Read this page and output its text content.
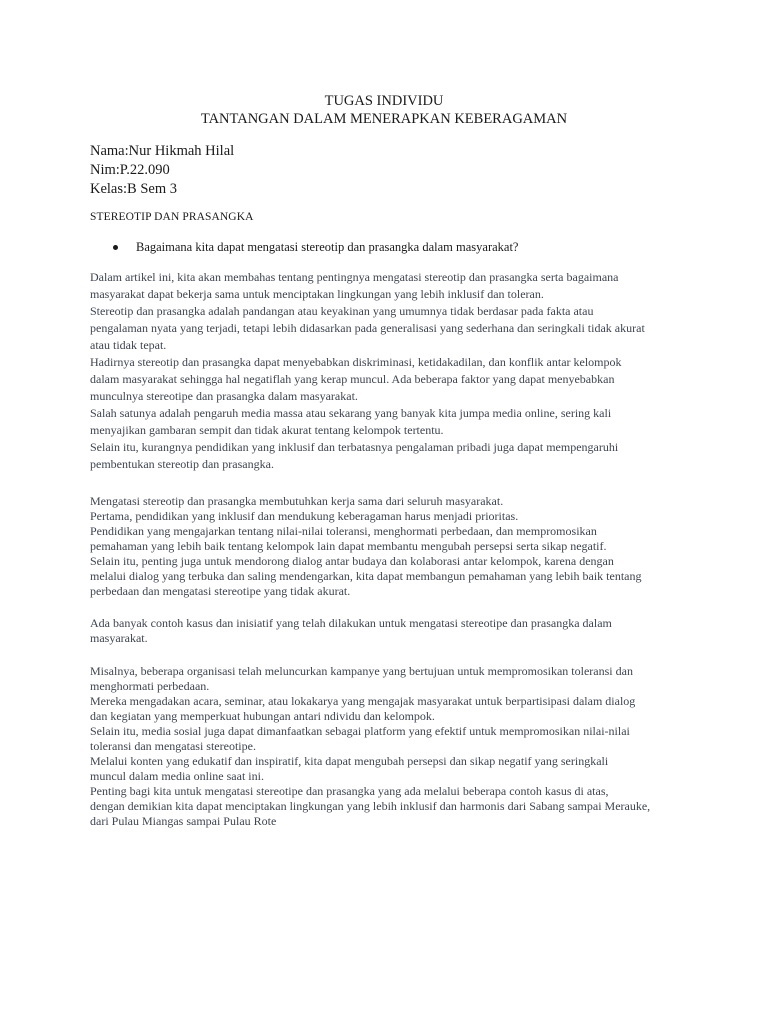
TUGAS INDIVIDU
TANTANGAN DALAM MENERAPKAN KEBERAGAMAN
Nama:Nur Hikmah Hilal
Nim:P.22.090
Kelas:B Sem 3
STEREOTIP DAN PRASANGKA
Bagaimana kita dapat mengatasi stereotip dan prasangka dalam masyarakat?
Dalam artikel ini, kita akan membahas tentang pentingnya mengatasi stereotip dan prasangka serta bagaimana
masyarakat dapat bekerja sama untuk menciptakan lingkungan yang lebih inklusif dan toleran.
Stereotip dan prasangka adalah pandangan atau keyakinan yang umumnya tidak berdasar pada fakta atau
pengalaman nyata yang terjadi, tetapi lebih didasarkan pada generalisasi yang sederhana dan seringkali tidak akurat
atau tidak tepat.
Hadirnya stereotip dan prasangka dapat menyebabkan diskriminasi, ketidakadilan, dan konflik antar kelompok
dalam masyarakat sehingga hal negatiflah yang kerap muncul. Ada beberapa faktor yang dapat menyebabkan
munculnya stereotipe dan prasangka dalam masyarakat.
Salah satunya adalah pengaruh media massa atau sekarang yang banyak kita jumpa media online, sering kali
menyajikan gambaran sempit dan tidak akurat tentang kelompok tertentu.
Selain itu, kurangnya pendidikan yang inklusif dan terbatasnya pengalaman pribadi juga dapat mempengaruhi
pembentukan stereotip dan prasangka.
Mengatasi stereotip dan prasangka membutuhkan kerja sama dari seluruh masyarakat.
Pertama, pendidikan yang inklusif dan mendukung keberagaman harus menjadi prioritas.
Pendidikan yang mengajarkan tentang nilai-nilai toleransi, menghormati perbedaan, dan mempromosikan
pemahaman yang lebih baik tentang kelompok lain dapat membantu mengubah persepsi serta sikap negatif.
Selain itu, penting juga untuk mendorong dialog antar budaya dan kolaborasi antar kelompok, karena dengan
melalui dialog yang terbuka dan saling mendengarkan, kita dapat membangun pemahaman yang lebih baik tentang
perbedaan dan mengatasi stereotipe yang tidak akurat.
Ada banyak contoh kasus dan inisiatif yang telah dilakukan untuk mengatasi stereotipe dan prasangka dalam
masyarakat.
Misalnya, beberapa organisasi telah meluncurkan kampanye yang bertujuan untuk mempromosikan toleransi dan
menghormati perbedaan.
Mereka mengadakan acara, seminar, atau lokakarya yang mengajak masyarakat untuk berpartisipasi dalam dialog
dan kegiatan yang memperkuat hubungan antari ndividu dan kelompok.
Selain itu, media sosial juga dapat dimanfaatkan sebagai platform yang efektif untuk mempromosikan nilai-nilai
toleransi dan mengatasi stereotipe.
Melalui konten yang edukatif dan inspiratif, kita dapat mengubah persepsi dan sikap negatif yang seringkali
muncul dalam media online saat ini.
Penting bagi kita untuk mengatasi stereotipe dan prasangka yang ada melalui beberapa contoh kasus di atas,
dengan demikian kita dapat menciptakan lingkungan yang lebih inklusif dan harmonis dari Sabang sampai Merauke,
dari Pulau Miangas sampai Pulau Rote
